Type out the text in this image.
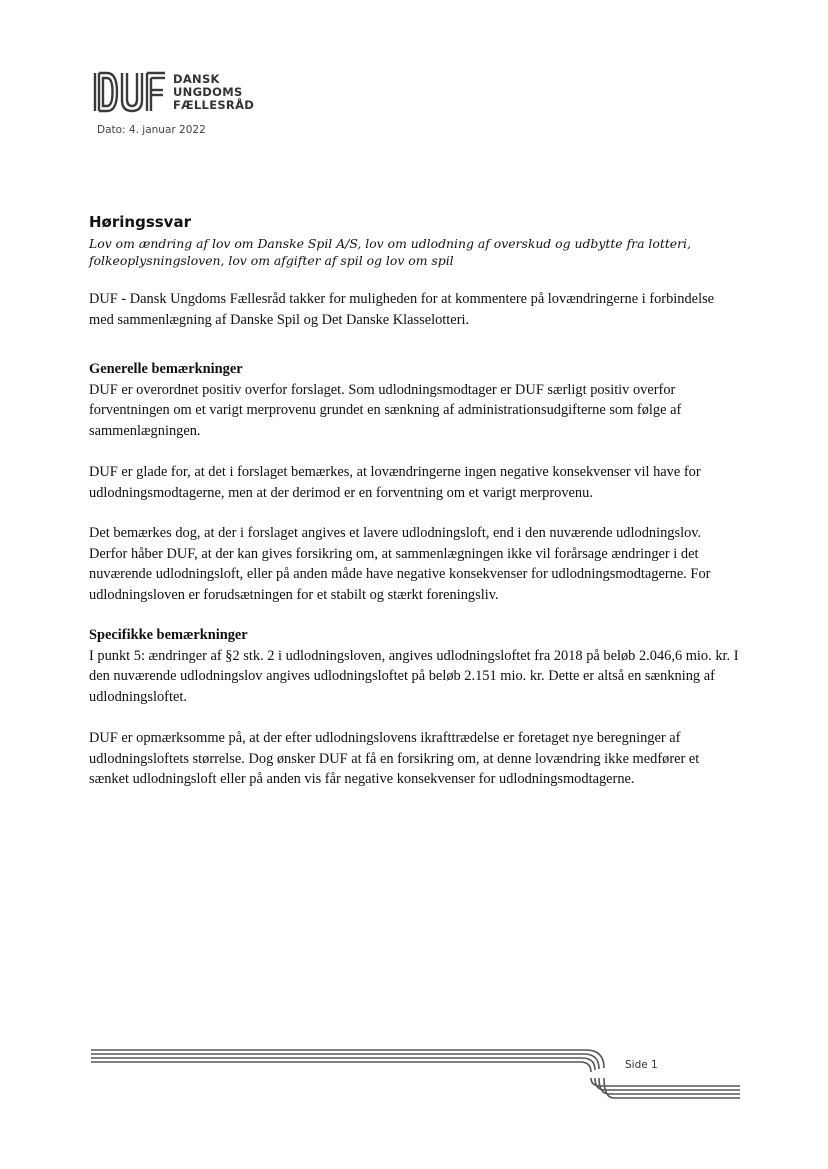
DANSK
UNGDOMS
FÆLLESRÅD
Dato: 4. januar 2022
Høringssvar
Lov om ændring af lov om Danske Spil A/S, lov om udlodning af overskud og udbytte fra lotteri, folkeoplysningsloven, lov om afgifter af spil og lov om spil
DUF - Dansk Ungdoms Fællesråd takker for muligheden for at kommentere på lovændringerne i forbindelse med sammenlægning af Danske Spil og Det Danske Klasselotteri.
Generelle bemærkninger
DUF er overordnet positiv overfor forslaget. Som udlodningsmodtager er DUF særligt positiv overfor forventningen om et varigt merprovenu grundet en sænkning af administrationsudgifterne som følge af sammenlægningen.
DUF er glade for, at det i forslaget bemærkes, at lovændringerne ingen negative konsekvenser vil have for udlodningsmodtagerne, men at der derimod er en forventning om et varigt merprovenu.
Det bemærkes dog, at der i forslaget angives et lavere udlodningsloft, end i den nuværende udlodningslov. Derfor håber DUF, at der kan gives forsikring om, at sammenlægningen ikke vil forårsage ændringer i det nuværende udlodningsloft, eller på anden måde have negative konsekvenser for udlodningsmodtagerne. For udlodningsloven er forudsætningen for et stabilt og stærkt foreningsliv.
Specifikke bemærkninger
I punkt 5: ændringer af §2 stk. 2 i udlodningsloven, angives udlodningsloftet fra 2018 på beløb 2.046,6 mio. kr. I den nuværende udlodningslov angives udlodningsloftet på beløb 2.151 mio. kr. Dette er altså en sænkning af udlodningsloftet.
DUF er opmærksomme på, at der efter udlodningslovens ikrafttrædelse er foretaget nye beregninger af udlodningsloftets størrelse. Dog ønsker DUF at få en forsikring om, at denne lovændring ikke medfører et sænket udlodningsloft eller på anden vis får negative konsekvenser for udlodningsmodtagerne.
Side 1
